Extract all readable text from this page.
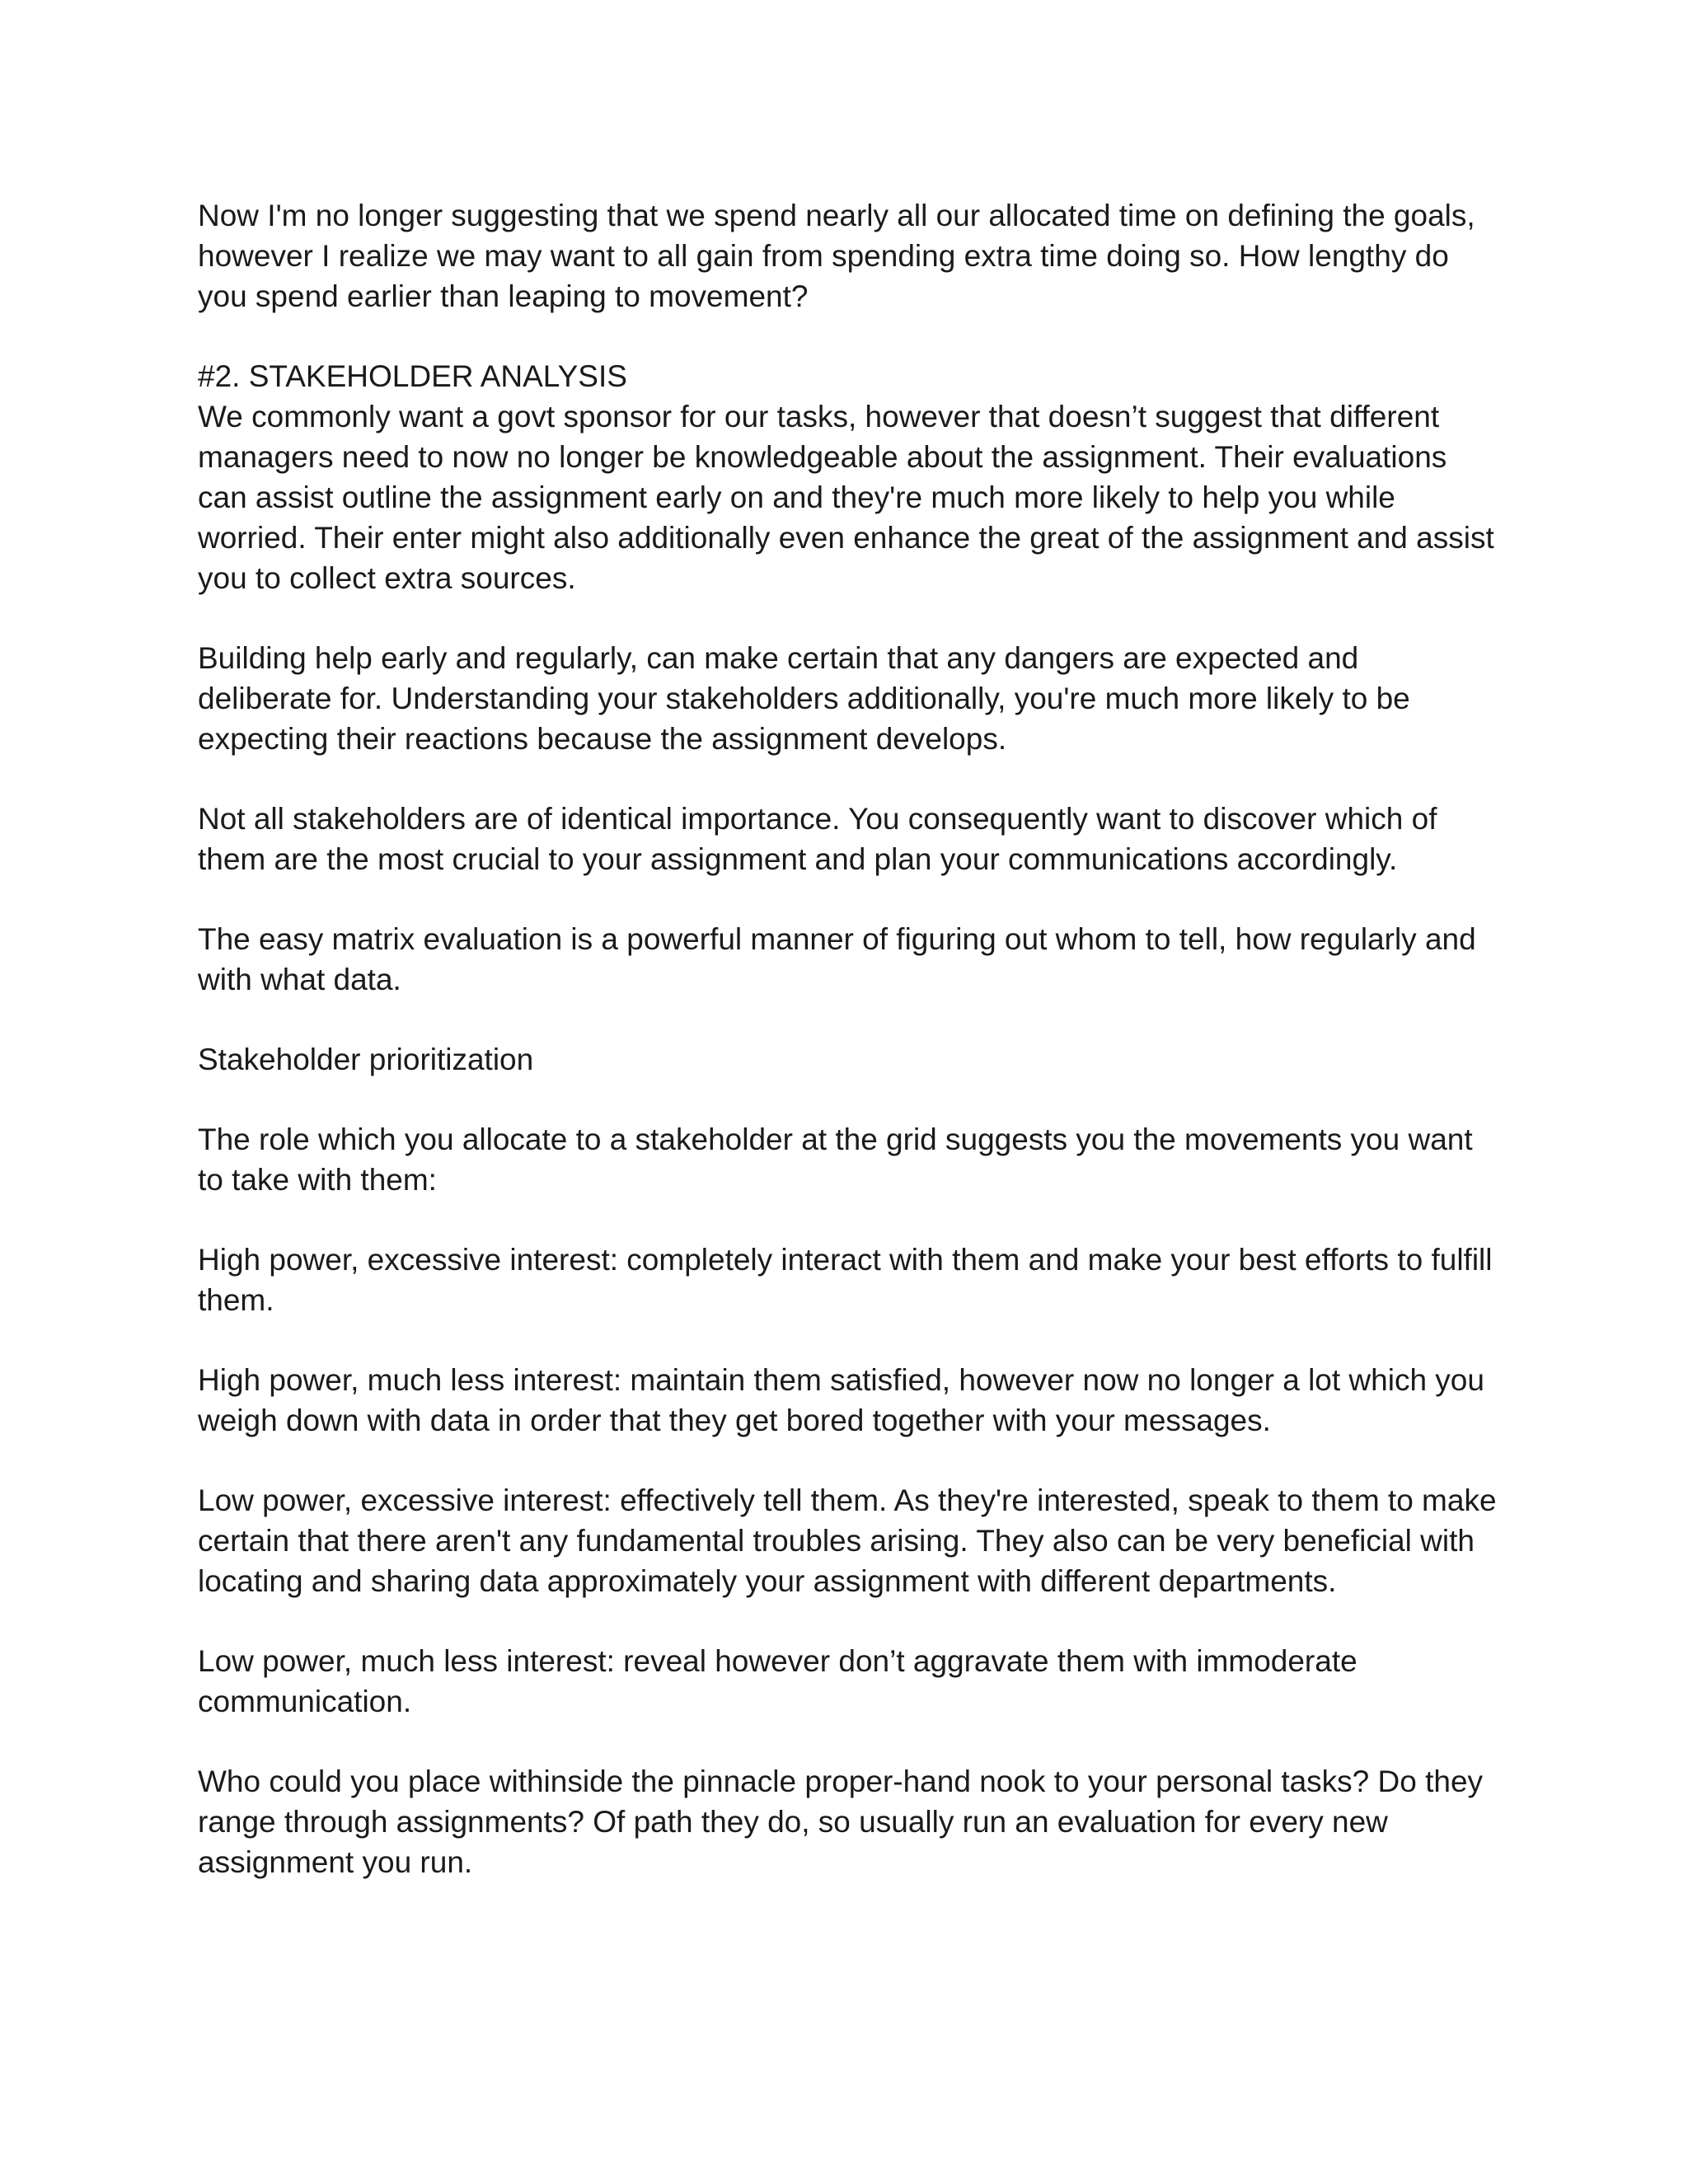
Now I'm no longer suggesting that we spend nearly all our allocated time on defining the goals, however I realize we may want to all gain from spending extra time doing so. How lengthy do you spend earlier than leaping to movement?

#2. STAKEHOLDER ANALYSIS

We commonly want a govt sponsor for our tasks, however that doesn’t suggest that different managers need to now no longer be knowledgeable about the assignment. Their evaluations can assist outline the assignment early on and they're much more likely to help you while worried. Their enter might also additionally even enhance the great of the assignment and assist you to collect extra sources.

Building help early and regularly, can make certain that any dangers are expected and deliberate for. Understanding your stakeholders additionally, you're much more likely to be expecting their reactions because the assignment develops.

Not all stakeholders are of identical importance. You consequently want to discover which of them are the most crucial to your assignment and plan your communications accordingly.

The easy matrix evaluation is a powerful manner of figuring out whom to tell, how regularly and with what data.

Stakeholder prioritization

The role which you allocate to a stakeholder at the grid suggests you the movements you want to take with them:

High power, excessive interest: completely interact with them and make your best efforts to fulfill them.

High power, much less interest: maintain them satisfied, however now no longer a lot which you weigh down with data in order that they get bored together with your messages.

Low power, excessive interest: effectively tell them. As they're interested, speak to them to make certain that there aren't any fundamental troubles arising. They also can be very beneficial with locating and sharing data approximately your assignment with different departments.

Low power, much less interest: reveal however don’t aggravate them with immoderate communication.

Who could you place withinside the pinnacle proper-hand nook to your personal tasks? Do they range through assignments? Of path they do, so usually run an evaluation for every new assignment you run.
